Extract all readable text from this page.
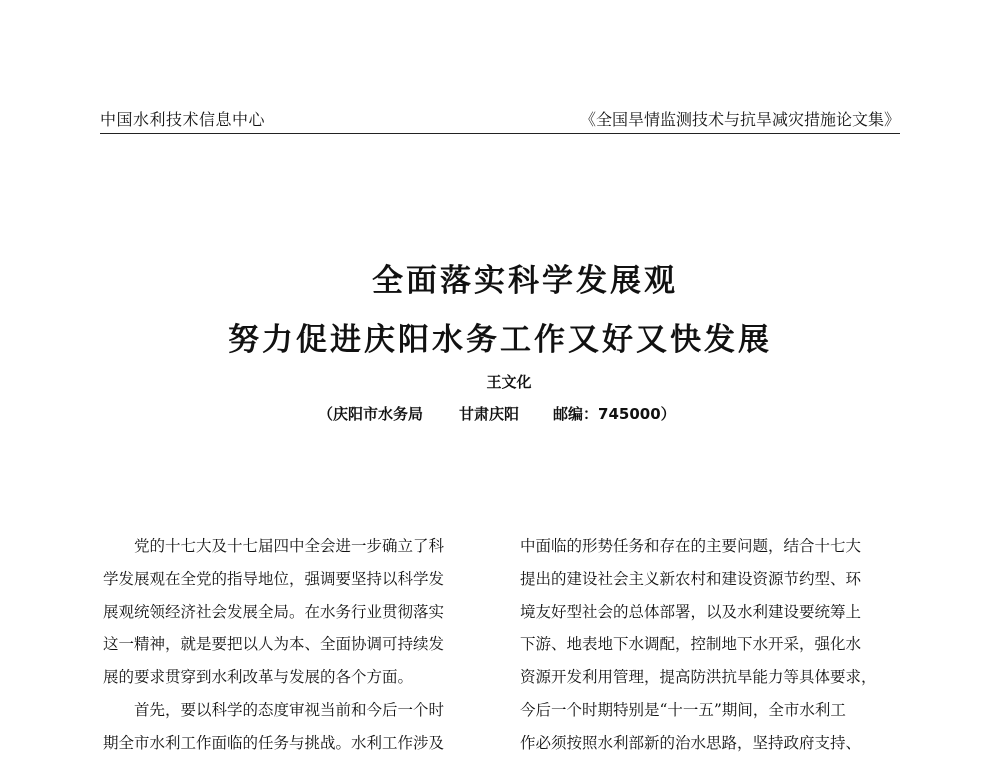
中国水利技术信息中心	《全国旱情监测技术与抗旱减灾措施论文集》
全面落实科学发展观
努力促进庆阳水务工作又好又快发展
王文化
（庆阳市水务局 甘肃庆阳 邮编：745000）
党的十七大及十七届四中全会进一步确立了科
学发展观在全党的指导地位，强调要坚持以科学发
展观统领经济社会发展全局。在水务行业贯彻落实
这一精神，就是要把以人为本、全面协调可持续发
展的要求贯穿到水利改革与发展的各个方面。
首先，要以科学的态度审视当前和今后一个时
期全市水利工作面临的任务与挑战。水利工作涉及
中面临的形势任务和存在的主要问题，结合十七大
提出的建设社会主义新农村和建设资源节约型、环
境友好型社会的总体部署，以及水利建设要统筹上
下游、地表地下水调配，控制地下水开采，强化水
资源开发利用管理，提高防洪抗旱能力等具体要求，
今后一个时期特别是“十一五”期间，全市水利工
作必须按照水利部新的治水思路，坚持政府支持、
